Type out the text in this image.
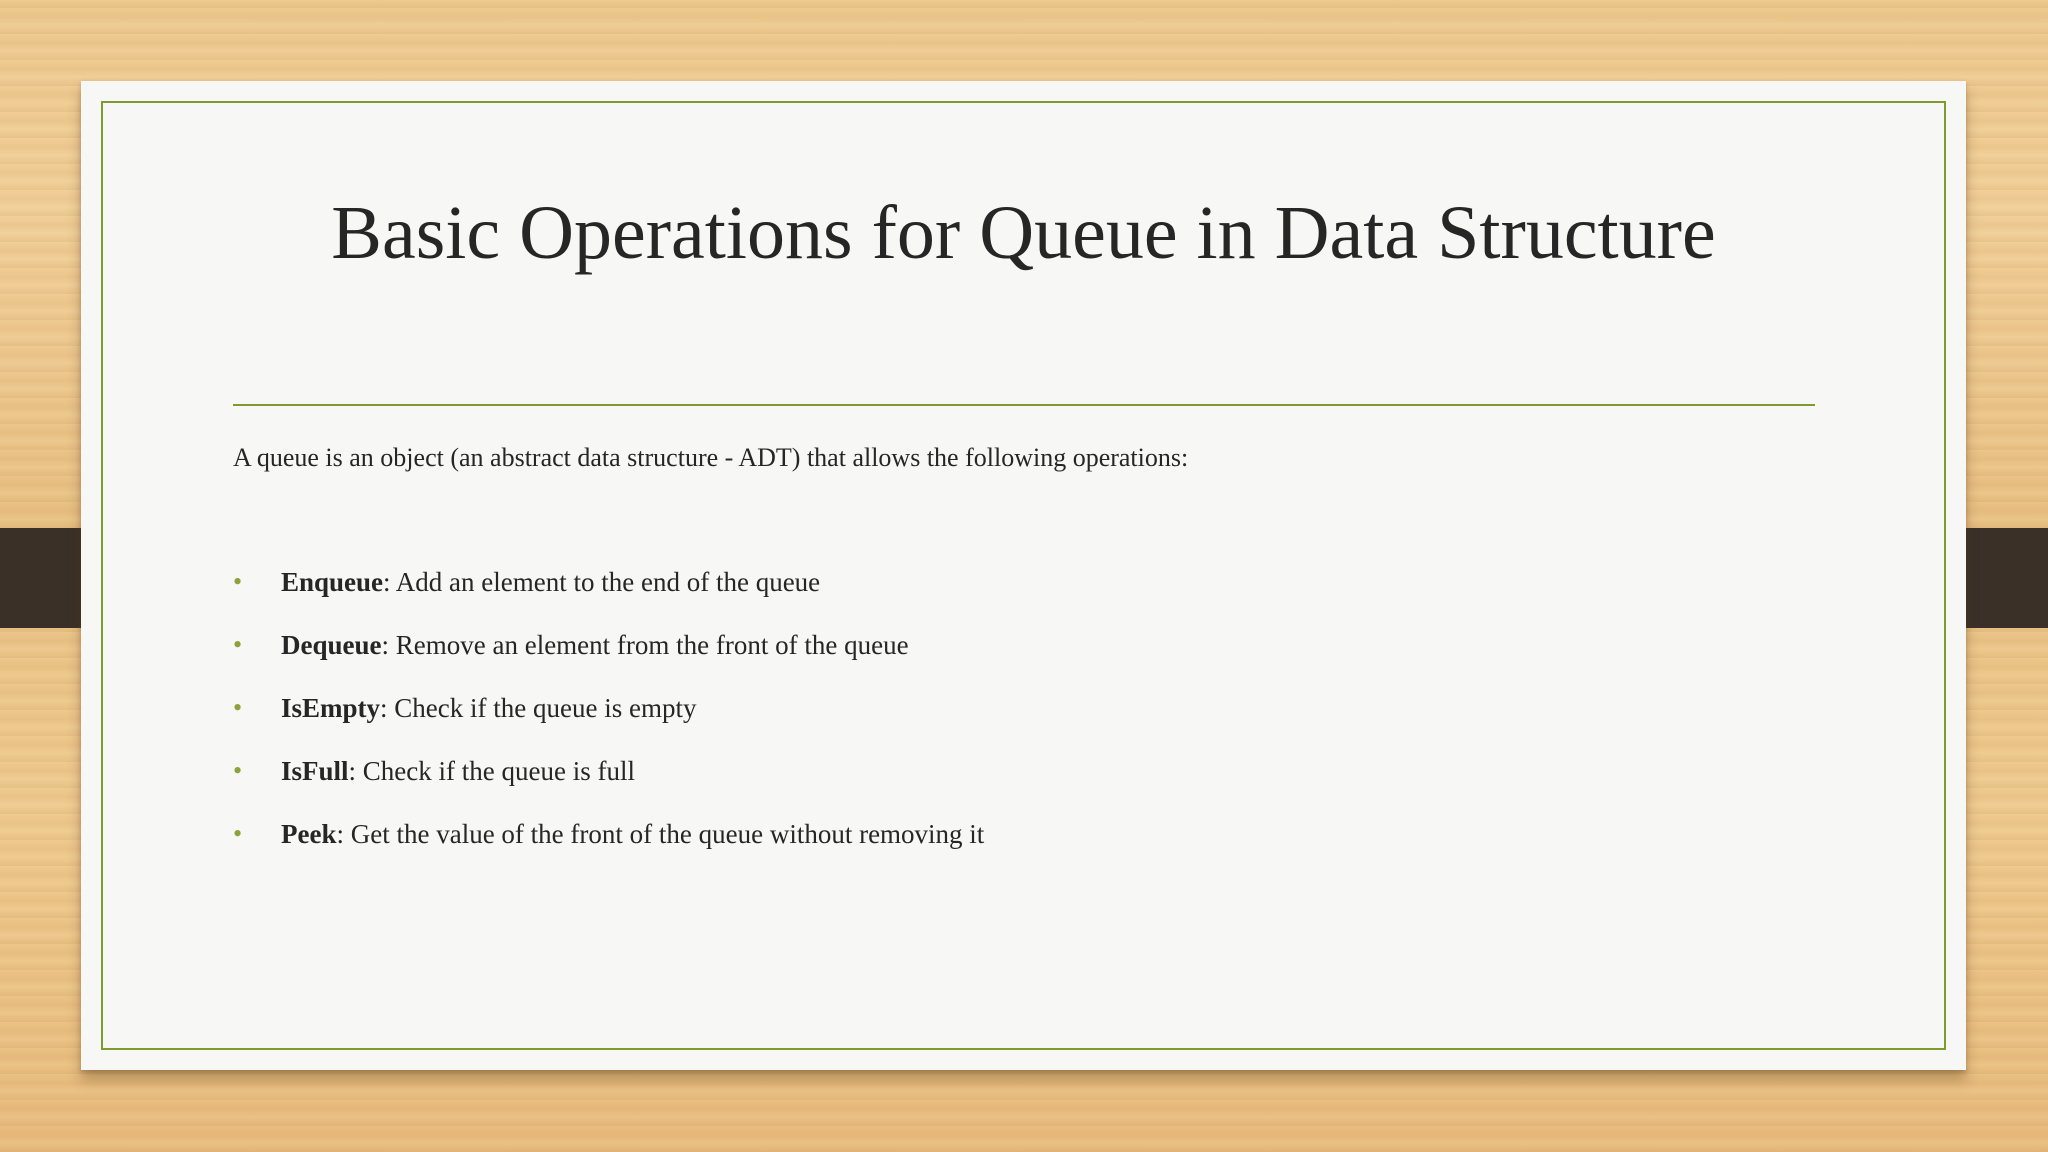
Basic Operations for Queue in Data Structure
A queue is an object (an abstract data structure - ADT) that allows the following operations:
• Enqueue: Add an element to the end of the queue
• Dequeue: Remove an element from the front of the queue
• IsEmpty: Check if the queue is empty
• IsFull: Check if the queue is full
• Peek: Get the value of the front of the queue without removing it
